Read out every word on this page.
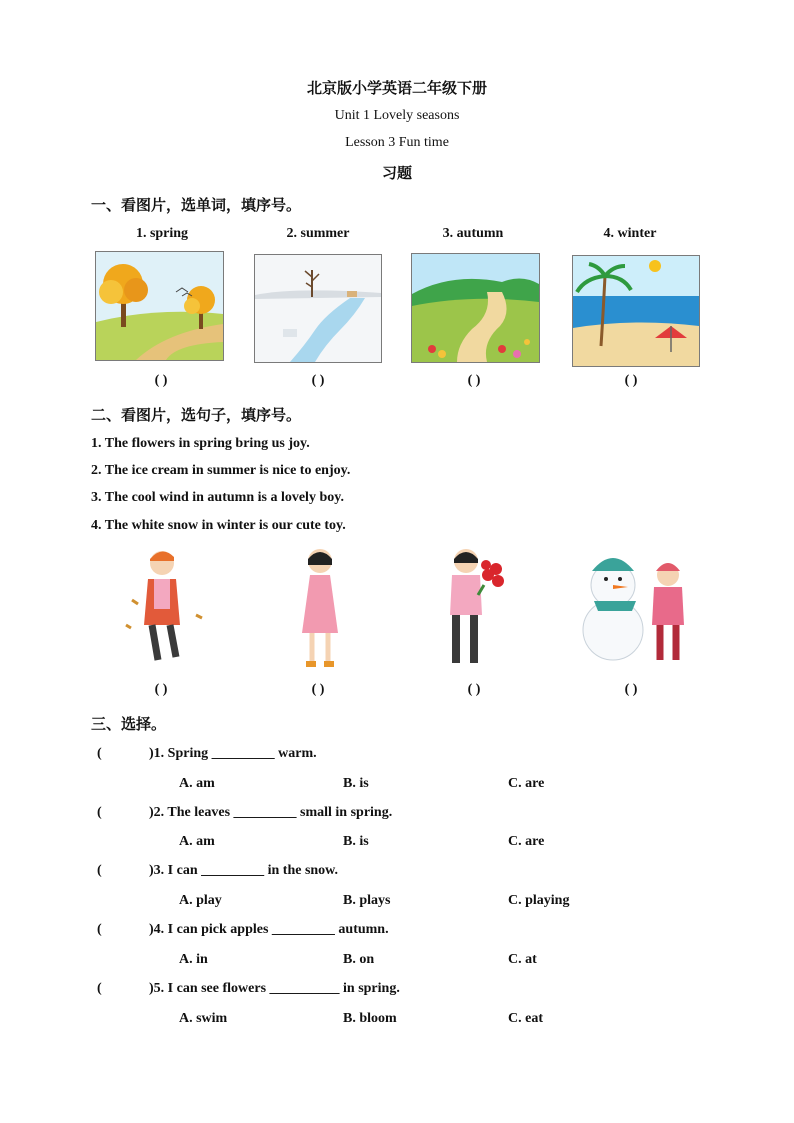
北京版小学英语二年级下册
Unit 1 Lovely seasons
Lesson 3 Fun time
习题
一、看图片，选单词，填序号。
1. spring	2. summer	3. autumn	4. winter
( )	( )	( )	( )
二、看图片，选句子，填序号。
1. The flowers in spring bring us joy.
2. The ice cream in summer is nice to enjoy.
3. The cool wind in autumn is a lovely boy.
4. The white snow in winter is our cute toy.
( )	( )	( )	( )
三、选择。
(	)1. Spring _________ warm.
A. am	B. is	C. are
(	)2. The leaves _________ small in spring.
A. am	B. is	C. are
(	)3. I can _________ in the snow.
A. play	B. plays	C. playing
(	)4. I can pick apples _________ autumn.
A. in	B. on	C. at
(	)5. I can see flowers __________ in spring.
A. swim	B. bloom	C. eat
